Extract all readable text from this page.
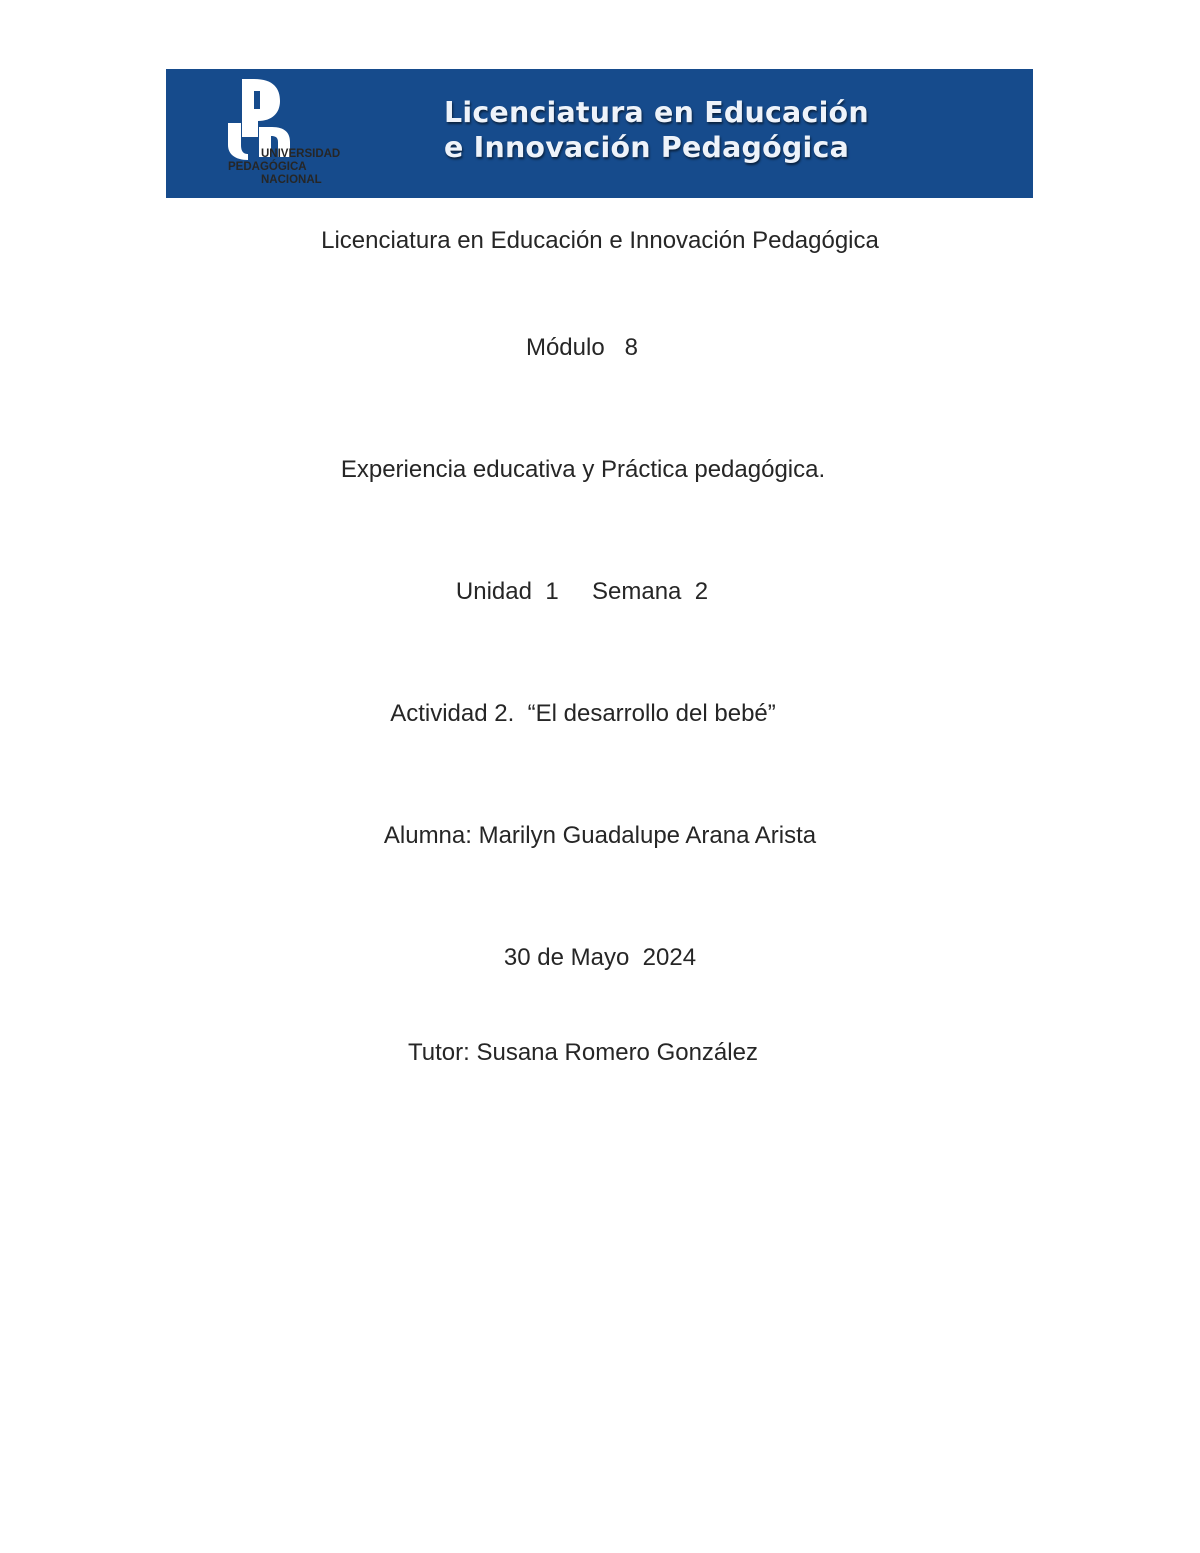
UNIVERSIDAD
PEDAGÓGICA
NACIONAL
Licenciatura en Educación
e Innovación Pedagógica
Licenciatura en Educación e Innovación Pedagógica
Módulo   8
Experiencia educativa y Práctica pedagógica.
Unidad  1     Semana  2
Actividad 2.  “El desarrollo del bebé”
Alumna: Marilyn Guadalupe Arana Arista
30 de Mayo  2024
Tutor: Susana Romero González
